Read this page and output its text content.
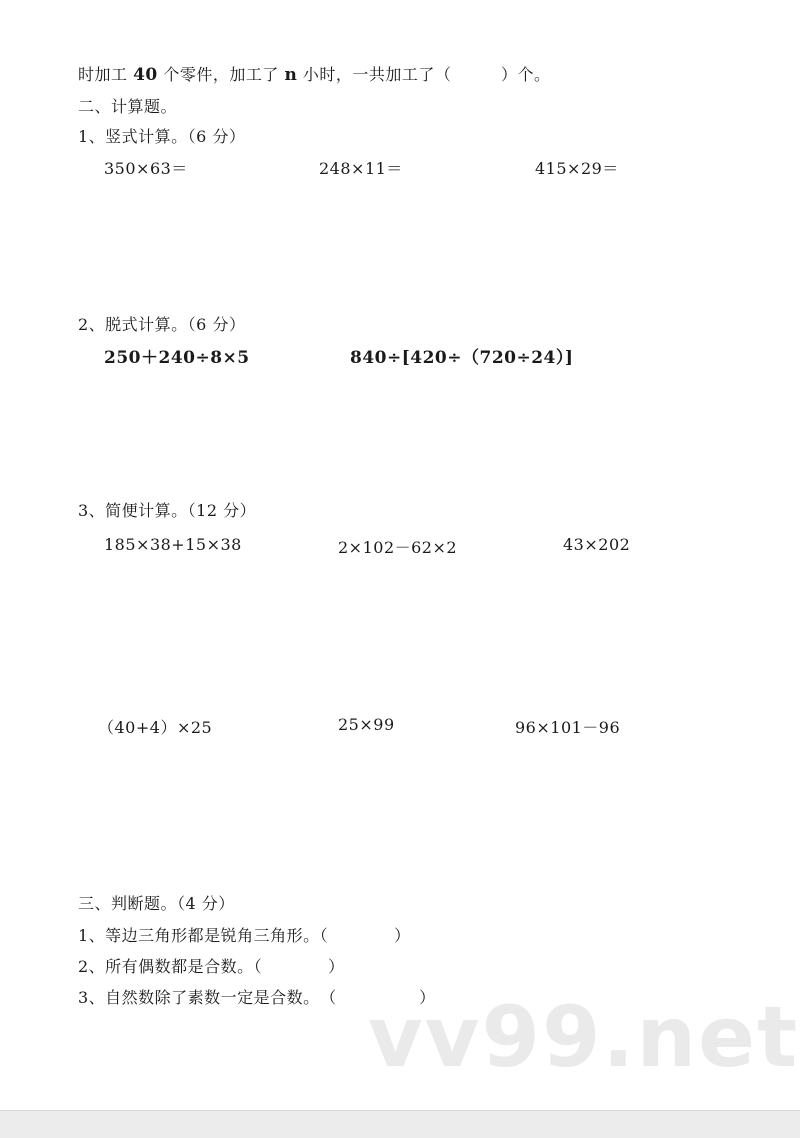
时加工 40 个零件，加工了 n 小时，一共加工了（　　　	）个。
二、计算题。
1、竖式计算。（6 分）
350×63＝	248×11＝	415×29＝
2、脱式计算。（6 分）
250＋240÷8×5	840÷[420÷（720÷24）]
3、简便计算。（12 分）
185×38+15×38	2×102－62×2	43×202
（40+4）×25	25×99	96×101－96
三、判断题。（4 分）
1、等边三角形都是锐角三角形。（　　　　）
2、所有偶数都是合数。（　　　　）
3、自然数除了素数一定是合数。　（　　　　　）
vv99.net
